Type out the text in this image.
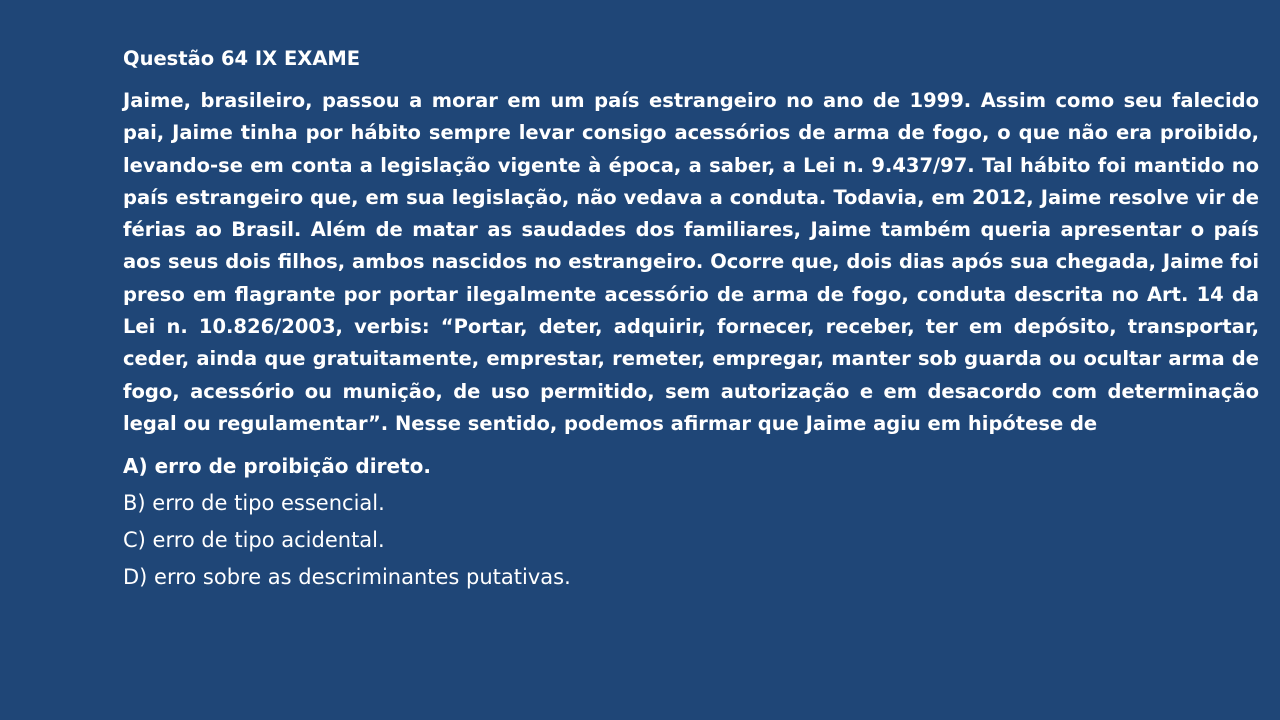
Questão 64 IX EXAME

Jaime, brasileiro, passou a morar em um país estrangeiro no ano de 1999. Assim como seu falecido pai, Jaime tinha por hábito sempre levar consigo acessórios de arma de fogo, o que não era proibido, levando-se em conta a legislação vigente à época, a saber, a Lei n. 9.437/97. Tal hábito foi mantido no país estrangeiro que, em sua legislação, não vedava a conduta. Todavia, em 2012, Jaime resolve vir de férias ao Brasil. Além de matar as saudades dos familiares, Jaime também queria apresentar o país aos seus dois filhos, ambos nascidos no estrangeiro. Ocorre que, dois dias após sua chegada, Jaime foi preso em flagrante por portar ilegalmente acessório de arma de fogo, conduta descrita no Art. 14 da Lei n. 10.826/2003, verbis: “Portar, deter, adquirir, fornecer, receber, ter em depósito, transportar, ceder, ainda que gratuitamente, emprestar, remeter, empregar, manter sob guarda ou ocultar arma de fogo, acessório ou munição, de uso permitido, sem autorização e em desacordo com determinação legal ou regulamentar”. Nesse sentido, podemos afirmar que Jaime agiu em hipótese de

A) erro de proibição direto.

B) erro de tipo essencial.

C) erro de tipo acidental.

D) erro sobre as descriminantes putativas.
